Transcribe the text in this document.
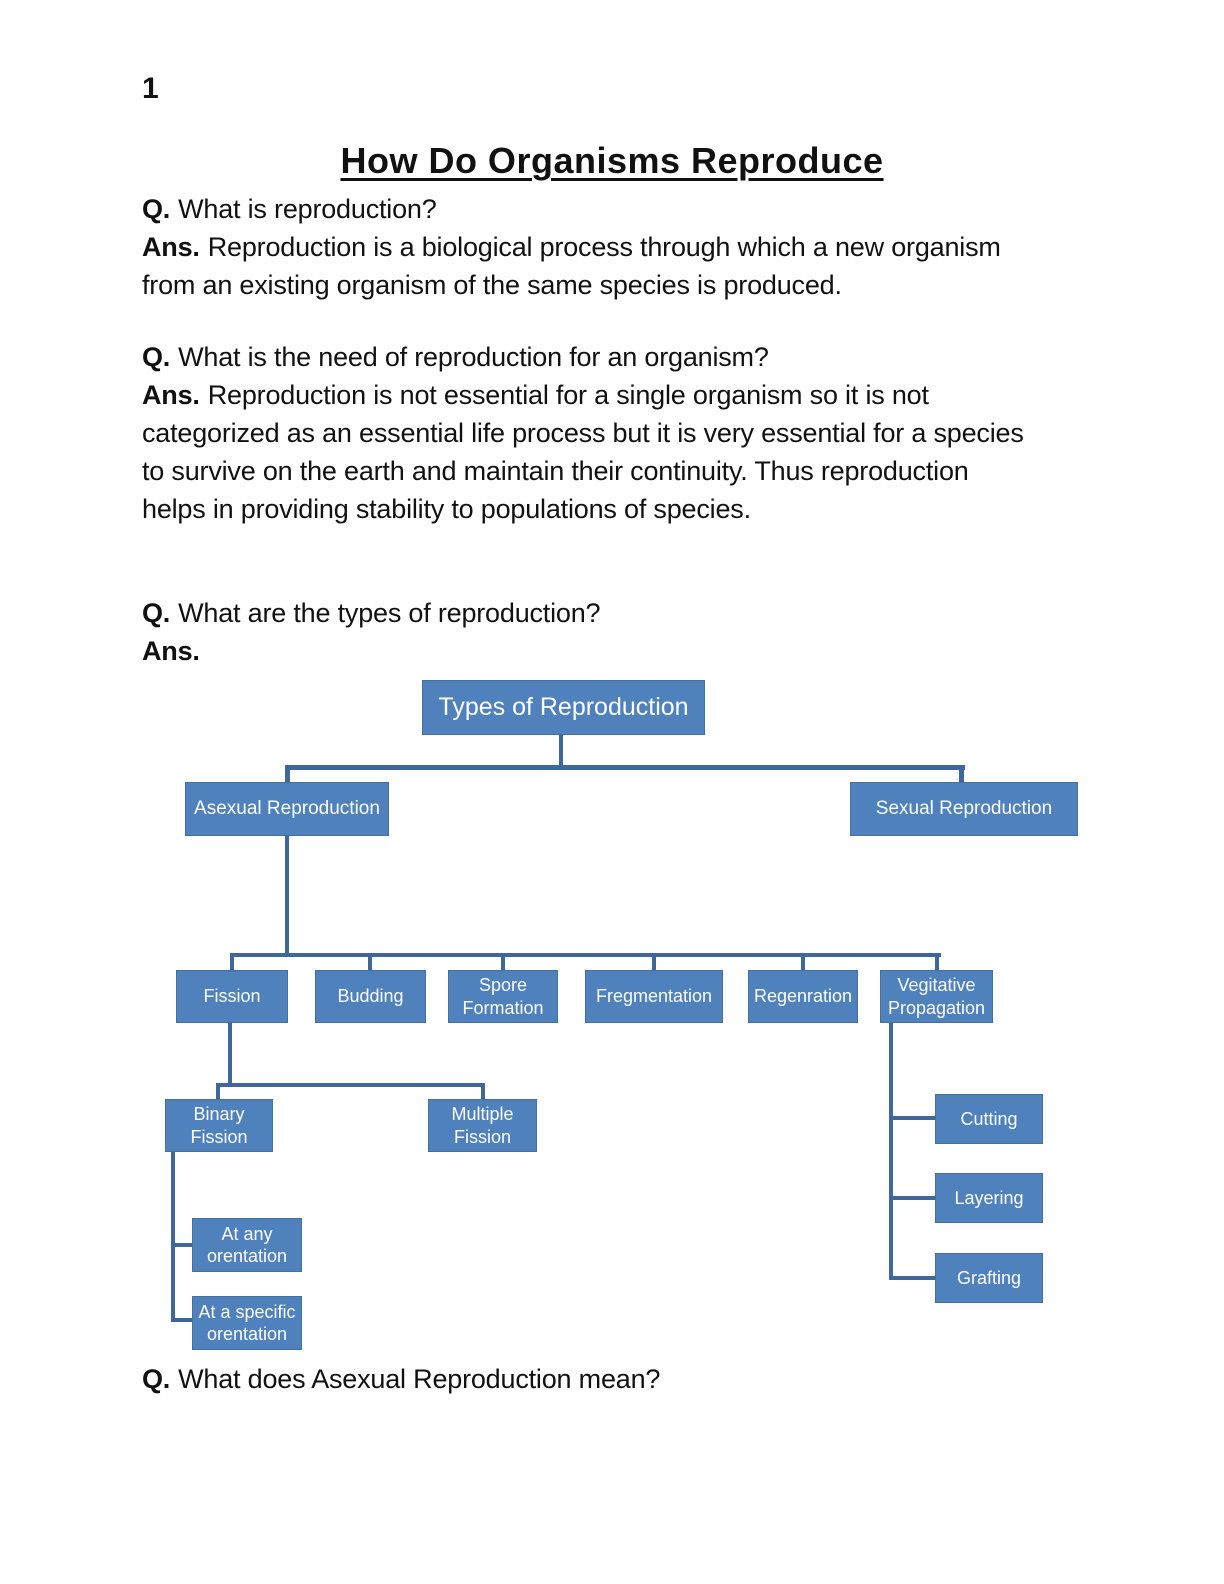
1
How Do Organisms Reproduce
Q. What is reproduction?
Ans. Reproduction is a biological process through which a new organism
from an existing organism of the same species is produced.
Q. What is the need of reproduction for an organism?
Ans. Reproduction is not essential for a single organism so it is not
categorized as an essential life process but it is very essential for a species
to survive on the earth and maintain their continuity. Thus reproduction
helps in providing stability to populations of species.
Q. What are the types of reproduction?
Ans.
Types of Reproduction
Asexual Reproduction	Sexual Reproduction
Fission	Budding
Spore Formation
Fregmentation	Regenration
Vegitative Propagation
Binary Fission
Multiple Fission
At any orentation
At a specific orentation
Cutting
Layering
Grafting
Q. What does Asexual Reproduction mean?
